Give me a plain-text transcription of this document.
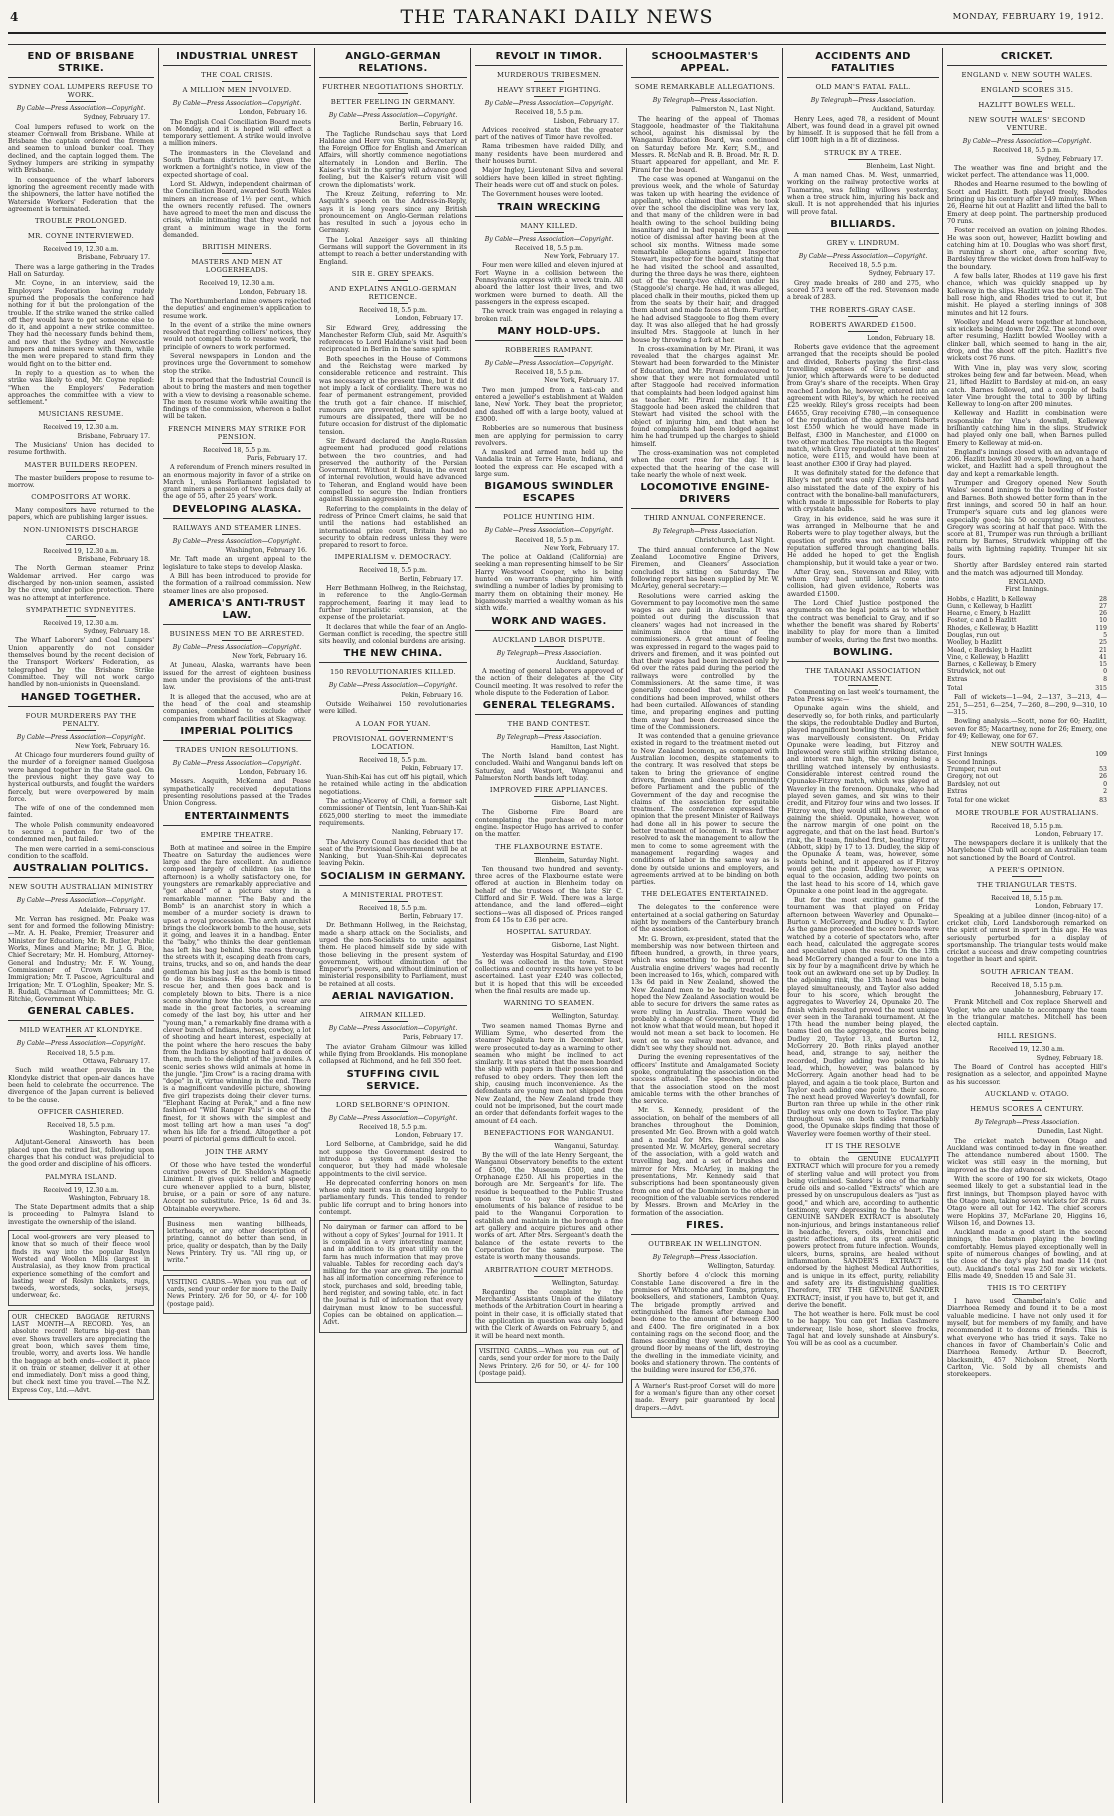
4	THE TARANAKI DAILY NEWS	MONDAY, FEBRUARY 19, 1912.
END OF BRISBANE STRIKE.
SYDNEY COAL LUMPERS REFUSE TO WORK.
By Cable—Press Association—Copyright.
Sydney, February 17.
Coal lumpers refused to work on the steamer Cornwall from Brisbane. While at Brisbane the captain ordered the firemen and seamen to unload bunker coal. They declined, and the captain logged them. The Sydney lumpers are striking in sympathy with Brisbane.
In consequence of the wharf laborers ignoring the agreement recently made with the shipowners, the latter have notified the Waterside Workers' Federation that the agreement is terminated.
TROUBLE PROLONGED.
MR. COYNE INTERVIEWED.
Received 19, 12.30 a.m.
Brisbane, February 17.
There was a large gathering in the Trades Hall on Saturday.
Mr. Coyne, in an interview, said the Employers' Federation having rudely spurned the proposals the conference had nothing for it but the prolongation of the trouble. If the strike waned the strike called off they would have to get someone else to do it, and appoint a new strike committee. They had the necessary funds behind them, and now that the Sydney and Newcastle lumpers and miners were with them, while the men were prepared to stand firm they would fight on to the bitter end.
In reply to a question as to when the strike was likely to end, Mr. Coyne replied: "When the Employers' Federation approaches the committee with a view to settlement."
MUSICIANS RESUME.
Received 19, 12.30 a.m.
Brisbane, February 17.
The Musicians' Union has decided to resume forthwith.
MASTER BUILDERS REOPEN.
The master builders propose to resume to-morrow.
COMPOSITORS AT WORK.
Many compositors have returned to the papers, which are publishing larger issues.
NON-UNIONISTS DISCHARGE CARGO.
Received 19, 12.30 a.m.
Brisbane, February 18.
The North German steamer Prinz Waldemar arrived. Her cargo was discharged by non-union seamen, assisted by the crew, under police protection. There was no attempt at interference.
SYMPATHETIC SYDNEYITES.
Received 19, 12.30 a.m.
Sydney, February 18.
The Wharf Laborers' and Coal Lumpers' Union apparently do not consider themselves bound by the recent decision of the Transport Workers' Federation, as telegraphed by the Brisbane Strike Committee. They will not work cargo handled by non-unionists in Queensland.
HANGED TOGETHER.
FOUR MURDERERS PAY THE PENALTY.
By Cable—Press Association—Copyright.
New York, February 16.
At Chicago four murderers found guilty of the murder of a foreigner named Guelgosa were hanged together in the State gaol. On the previous night they gave way to hysterical outbursts, and fought the warders fiercely, but were overpowered by main force.
The wife of one of the condemned men fainted.
The whole Polish community endeavored to secure a pardon for two of the condemned men, but failed.
The men were carried in a semi-conscious condition to the scaffold.
AUSTRALIAN POLITICS.
NEW SOUTH AUSTRALIAN MINISTRY
By Cable—Press Association—Copyright.
Adelaide, February 17.
Mr. Verran has resigned. Mr. Peake was sent for and formed the following Ministry:—Mr. A. H. Peake, Premier, Treasurer and Minister for Education; Mr. R. Butler, Public Works, Mines and Marine; Mr. J. G. Bice, Chief Secretary; Mr. H. Homburg, Attorney-General and Industry; Mr. F. W. Young, Commissioner of Crown Lands and Immigration; Mr. T. Pascoe, Agricultural and Irrigation; Mr. T. O'Loghlin, Speaker; Mr. S. B. Rudall, Chairman of Committees; Mr. G. Ritchie, Government Whip.
GENERAL CABLES.
MILD WEATHER AT KLONDYKE.
By Cable—Press Association—Copyright.
Received 18, 5.5 p.m.
Ottawa, February 17.
Such mild weather prevails in the Klondyke district that open-air dances have been held to celebrate the occurrence. The divergence of the Japan current is believed to be the cause.
OFFICER CASHIERED.
Received 18, 5.5 p.m.
Washington, February 17.
Adjutant-General Ainsworth has been placed upon the retired list, following upon charges that his conduct was prejudicial to the good order and discipline of his officers.
PALMYRA ISLAND.
Received 19, 12.30 a.m.
Washington, February 18.
The State Department admits that a ship is proceeding to Palmyra Island to investigate the ownership of the island.
Local wool-growers are very pleased to know that so much of their fleece wool finds its way into the popular Roslyn Worsted and Woollen Mills (largest in Australasia), as they know from practical experience something of the comfort and lasting wear of Roslyn blankets, rugs, tweeds, worsteds, socks, jerseys, underwear, &c.
OUR CHECKED BAGGAGE RETURNS LAST MONTH—A RECORD. Yes, an absolute record! Returns big-gest than ever. Shows travellers are appreciating the great boon, which saves them time, trouble, worry, and averts loss. We handle the baggage at both ends—collect it, place it on train or steamer, deliver it at other end immediately. Don't miss a good thing, but check next time you travel.—The N.Z. Express Coy., Ltd.—Advt.
INDUSTRIAL UNREST
THE COAL CRISIS.
A MILLION MEN INVOLVED.
By Cable—Press Association—Copyright.
London, February 16.
The English Coal Conciliation Board meets on Monday, and it is hoped will effect a temporary settlement. A strike would involve a million miners.
The ironmasters in the Cleveland and South Durham districts have given the workmen a fortnight's notice, in view of the expected shortage of coal.
Lord St. Aldwyn, independent chairman of the Conciliation Board, awarded South Wales miners an increase of 1½ per cent., which the owners recently refused. The owners have agreed to meet the men and discuss the crisis, while intimating that they would not grant a minimum wage in the form demanded.
BRITISH MINERS.
MASTERS AND MEN AT LOGGERHEADS.
Received 19, 12.30 a.m.
London, February 18.
The Northumberland mine owners rejected the deputies' and enginemen's application to resume work.
In the event of a strike the mine owners resolved that regarding colliers' notices, they would not compel them to resume work, the principle of owners to work performed.
Several newspapers in London and the provinces urge the Government to somehow stop the strike.
It is reported that the Industrial Council is about to bring the masters and men together with a view to devising a reasonable scheme. The men to resume work while awaiting the findings of the commission, whereon a ballot will be taken.
FRENCH MINERS MAY STRIKE FOR PENSION.
Received 18, 5.5 p.m.
Paris, February 17.
A referendum of French miners resulted in an enormous majority in favor of a strike on March 1, unless Parliament legislated to grant miners a pension of two francs daily at the age of 55, after 25 years' work.
DEVELOPING ALASKA.
RAILWAYS AND STEAMER LINES.
By Cable—Press Association—Copyright.
Washington, February 16.
Mr. Taft made an urgent appeal to the legislature to take steps to develop Alaska.
A Bill has been introduced to provide for the formation of a railroad commission. New steamer lines are also proposed.
AMERICA'S ANTI-TRUST LAW.
BUSINESS MEN TO BE ARRESTED.
By Cable—Press Association—Copyright.
New York, February 16.
At Juneau, Alaska, warrants have been issued for the arrest of eighteen business men under the provisions of the anti-trust law.
It is alleged that the accused, who are at the head of the coal and steamship companies, combined to exclude other companies from wharf facilities at Skagway.
IMPERIAL POLITICS
TRADES UNION RESOLUTIONS.
By Cable—Press Association—Copyright.
London, February 16.
Messrs. Asquith, McKenna and Pease sympathetically received deputations presenting resolutions passed at the Trades Union Congress.
ENTERTAINMENTS
EMPIRE THEATRE.
Both at matinee and soiree in the Empire Theatre on Saturday the audiences were large and the fare excellent. An audience composed largely of children (as in the afternoon) is a wholly satisfactory one, for youngsters are remarkably appreciative and "get ahead" of a picture story in a remarkable manner. "The Baby and the Bomb" is an anarchist story in which a member of a murder society is drawn to upset a royal procession. The arch anarchist brings the clockwork bomb to the house, sets it going, and leaves it in a handbag. Enter the "baby," who thinks the dear gentleman has left his bag behind. She races through the streets with it, escaping death from cars, trains, trucks, and so on, and hands the dear gentleman his bag just as the bomb is timed to do its business. He has a moment to rescue her, and then goes back and is completely blown to bits. There is a nice scene showing how the boots you wear are made in the great factories, a screaming comedy of the last boy, his utter and her "young man," a remarkably fine drama with a clever bunch of Indians, horses, cowboy, a lot of shooting and heart interest, especially at the point where the hero rescues the baby from the Indians by shooting half a dozen of them, much to the delight of the juveniles. A scenic series shows wild animals at home in the jungle. "Jim Crow" is a racing drama with "dope" in it, virtue winning in the end. There is a magnificent vandeville picture, showing five girl trapezists doing their clever turns. "Elephant Racing at Perak," and a fine new fashion-ed "Wild Ranger Pals" is one of the finest, for it shows with the simplest and most telling art how a man uses "a dog" when his life for a friend. Altogether a pot pourri of pictorial gems difficult to excel.
JOIN THE ARMY
Of those who have tested the wonderful curative powers of Dr. Sheldon's Magnetic Liniment. It gives quick relief and speedy cure whenever applied to a burn, blister, bruise, or a pain or sore of any nature. Accept no substitute. Price, 1s 6d and 3s. Obtainable everywhere.
Business men wanting billheads, letterheads, or any other description of printing, cannot do better than send, in price, quality or despatch, than by the Daily News Printery. Try us. "All ring up, or write."
VISITING CARDS.—When you run out of cards, send your order for more to the Daily News Printery. 2/6 for 50, or 4/- for 100 (postage paid).
ANGLO-GERMAN RELATIONS.
FURTHER NEGOTIATIONS SHORTLY.
BETTER FEELING IN GERMANY.
By Cable—Press Association—Copyright.
Berlin, February 16.
The Tagliche Rundschau says that Lord Haldane and Herr von Stumm, Secretary at the Foreign Office for English and American Affairs, will shortly commence negotiations alternately in London and Berlin. The Kaiser's visit in the spring will advance good feeling, but the Kaiser's return visit will crown the diplomatists' work.
The Kreuz Zeitung, referring to Mr. Asquith's speech on the Address-in-Reply, says it is long years since any British pronouncement on Anglo-German relations has resulted in such a joyous echo in Germany.
The Lokal Anzeiger says all thinking Germans will support the Government in its attempt to reach a better understanding with England.
SIR E. GREY SPEAKS.
AND EXPLAINS ANGLO-GERMAN RETICENCE.
Received 18, 5.5 p.m.
London, February 17.
Sir Edward Grey, addressing the Manchester Reform Club, said Mr. Asquith's references to Lord Haldane's visit had been reciprocated in Berlin in the same spirit.
Both speeches in the House of Commons and the Reichstag were marked by considerable reticence and restraint. This was necessary at the present time, but it did not imply a lack of cordiality. There was no fear of permanent estrangement, provided the truth got a fair chance. If mischief, rumours are prevented, and unfounded rumours are dissipated, there will be no future occasion for distrust of the diplomatic tension.
Sir Edward declared the Anglo-Russian agreement had produced good relations between the two countries, and had preserved the authority of the Persian Government. Without it Russia, in the event of internal revolution, would have advanced to Teheran, and England would have been compelled to secure the Indian frontiers against Russian aggression.
Referring to the complaints in the delay of redress of Prince Cmert claims, he said that until the nations had established an international prize court, Britain had no security to obtain redress unless they were prepared to resort to force.
IMPERIALISM v. DEMOCRACY.
Received 18, 5.5 p.m.
Berlin, February 17.
Herr Bethmann Hollweg, in the Reichstag, in reference to the Anglo-German rapprochement, fearing it may lead to further imperialistic expansion, at the expense of the proletariat.
It declares that while the fear of an Anglo-German conflict is receding, the spectre still sits heavily, and colonial burdens are arising.
THE NEW CHINA.
150 REVOLUTIONARIES KILLED.
By Cable—Press Association—Copyright.
Pekin, February 16.
Outside Weihaiwei 150 revolutionaries were killed.
A LOAN FOR YUAN.
PROVISIONAL GOVERNMENT'S LOCATION.
Received 18, 5.5 p.m.
Pekin, February 17.
Yuan-Shih-Kai has cut off his pigtail, which he retained while acting in the abdication negotiations.
The acting-Viceroy of Chili, a former salt commissioner of Tientsin, lent Yuan-Shih-Kai £625,000 sterling to meet the immediate requirements.
Nanking, February 17.
The Advisory Council has decided that the seat of the Provisional Government will be at Nanking, but Yuan-Shih-Kai deprecates leaving Pekin.
SOCIALISM IN GERMANY.
A MINISTERIAL PROTEST.
Received 18, 5.5 p.m.
Berlin, February 17.
Dr. Bethmann Hollweg, in the Reichstag, made a sharp attack on the Socialists, and urged the non-Socialists to unite against them. He placed himself side by side with those believing in the present system of government, without diminution of the Emperor's powers, and without diminution of ministerial responsibility to Parliament, must be retained at all costs.
AERIAL NAVIGATION.
AIRMAN KILLED.
By Cable—Press Association—Copyright.
Paris, February 17.
The aviator Graham Gilmour was killed while flying from Brooklands. His monoplane collapsed at Richmond, and he fell 350 feet.
STUFFING CIVIL SERVICE.
LORD SELBORNE'S OPINION.
By Cable—Press Association—Copyright.
Received 18, 5.5 p.m.
London, February 17.
Lord Selborne, at Cambridge, said he did not suppose the Government desired to introduce a system of spoils to the conqueror, but they had made wholesale appointments to the civil service.
He deprecated conferring honors on men whose only merit was in donating largely to parliamentary funds. This tended to render public life corrupt and to bring honors into contempt.
No dairyman or farmer can afford to be without a copy of Sykes' Journal for 1911. It is compiled in a very interesting manner, and in addition to its great utility on the farm has much information that may prove valuable. Tables for recording each day's milking for the year are given. The journal has all information concerning reference to stock, purchases and sold, breeding table, herd register, and sowing table, etc. in fact the Journal is full of information that every dairyman must know to be successful. Copies can be obtained on application.—Advt.
REVOLT IN TIMOR.
MURDEROUS TRIBESMEN.
HEAVY STREET FIGHTING.
By Cable—Press Association—Copyright.
Received 18, 5.5 p.m.
Lisbon, February 17.
Advices received state that the greater part of the natives of Timor have revolted.
Rama tribesmen have raided Dilly, and many residents have been murdered and their houses burnt.
Major Ingley, Lieutenant Silva and several soldiers have been killed in street fighting. Their heads were cut off and stuck on poles.
The Government houses were looted.
TRAIN WRECKING
MANY KILLED.
By Cable—Press Association—Copyright.
Received 18, 5.5 p.m.
New York, February 17.
Four men were killed and eleven injured at Fort Wayne in a collision between the Pennsylvania express with a wreck train. All aboard the latter lost their lives, and two workmen were burned to death. All the passengers in the express escaped.
The wreck train was engaged in relaying a broken rail.
MANY HOLD-UPS.
ROBBERIES RAMPANT.
By Cable—Press Association—Copyright.
Received 18, 5.5 p.m.
New York, February 17.
Two men jumped from a taxi-cab and entered a jeweller's establishment at Walden lane, New York. They beat the proprietor, and dashed off with a large booty, valued at £3000.
Robberies are so numerous that business men are applying for permission to carry revolvers.
A masked and armed man held up the Vandalia train at Terre Haute, Indiana, and looted the express car. He escaped with a large sum.
BIGAMOUS SWINDLER ESCAPES
POLICE HUNTING HIM.
By Cable—Press Association—Copyright.
Received 18, 5.5 p.m.
New York, February 17.
The police at Oakland (California) are seeking a man representing himself to be Sir Harry Westwood Cooper, who is being hunted on warrants charging him with swindling a number of ladies by promising to marry them on obtaining their money. He bigamously married a wealthy woman as his sixth wife.
WORK AND WAGES.
AUCKLAND LABOR DISPUTE.
By Telegraph—Press Association.
Auckland, Saturday.
A meeting of general laborers approved of the action of their delegates at the City Council meeting. It was resolved to refer the whole dispute to the Federation of Labor.
GENERAL TELEGRAMS.
THE BAND CONTEST.
By Telegraph—Press Association.
Hamilton, Last Night.
The North Island band contest has concluded. Waihi and Wanganui bands left on Saturday, and Westport, Wanganui and Palmerston North bands left today.
IMPROVED FIRE APPLIANCES.
Gisborne, Last Night.
The Gisborne Fire Board are contemplating the purchase of a motor engine. Inspector Hugo has arrived to confer on the matter.
THE FLAXBOURNE ESTATE.
Blenheim, Saturday Night.
Ten thousand two hundred and seventy-three acres of the Flaxbourne estate were offered at auction in Blenheim today on behalf of the trustees of the late Sir C. Clifford and Sir F. Weld. There was a large attendance, and the land offered—eight sections—was all disposed of. Prices ranged from £4 15s to £36 per acre.
HOSPITAL SATURDAY.
Gisborne, Last Night.
Yesterday was Hospital Saturday, and £190 5s 9d was collected in the town. Street collections and country results have yet to be ascertained. Last year £240 was collected, but it is hoped that this will be exceeded when the final results are made up.
WARNING TO SEAMEN.
Wellington, Saturday.
Two seamen named Thomas Byrne and William Syme, who deserted from the steamer Ngakuta here in December last, were prosecuted to-day as a warning to other seamen who might be inclined to act similarly. It was stated that the men boarded the ship with papers in their possession and refused to obey orders. They then left the ship, causing much inconvenience. As the defendants are young men not shipped from New Zealand, the New Zealand trade they could not be imprisoned, but the court made an order that defendants forfeit wages to the amount of £4 each.
BENEFACTIONS FOR WANGANUI.
Wanganui, Saturday.
By the will of the late Henry Sergeant, the Wanganui Observatory benefits to the extent of £500, the Museum £500, and the Orphanage £250. All his properties in the borough are Mr. Sergeant's for life. The residue is bequeathed to the Public Trustee upon trust to pay the interest and emoluments of his balance of residue to be paid to the Wanganui Corporation to establish and maintain in the borough a fine art gallery and acquire pictures and other works of art. After Mrs. Sergeant's death the balance of the estate reverts to the Corporation for the same purpose. The estate is worth many thousands.
ARBITRATION COURT METHODS.
Wellington, Saturday.
Regarding the complaint by the Merchants' Assistants Union of the dilatory methods of the Arbitration Court in hearing a point in their case, it is officially stated that the application in question was only lodged with the Clerk of Awards on February 5, and it will be heard next month.
VISITING CARDS.—When you run out of cards, send your order for more to the Daily News Printery. 2/6 for 50, or 4/- for 100 (postage paid).
SCHOOLMASTER'S APPEAL.
SOME REMARKABLE ALLEGATIONS.
By Telegraph—Press Association.
Palmerston N., Last Night.
The hearing of the appeal of Thomas Staggoole, headmaster of the Tiakitahuna school, against his dismissal by the Wanganui Education Board, was continued on Saturday before Mr. Kerr, S.M., and Messrs. R. McNab and R. B. Broad. Mr. R. D. Stuart appeared for appellant, and Mr. F. Pirani for the board.
The case was opened at Wanganui on the previous week, and the whole of Saturday was taken up with hearing the evidence of appellant, who claimed that when he took over the school the discipline was very lax, and that many of the children were in bad health owing to the school building being insanitary and in bad repair. He was given notice of dismissal after having been at the school six months. Witness made some remarkable allegations against Inspector Stewart, inspector for the board, stating that he had visited the school and assaulted, during the three days he was there, eighteen out of the twenty-two children under his (Staggoole's) charge. He had, it was alleged, placed chalk in their mouths, picked them up from the seats by their hair, and dragged them about and made faces at them. Further, he had advised Staggoole to flog them every day. It was also alleged that he had grossly insulted Mrs. Staggoole at lunch in her house by throwing a fork at her.
In cross-examination by Mr. Pirani, it was revealed that the charges against Mr. Stewart had been forwarded to the Minister of Education, and Mr. Pirani endeavoured to show that they were not formulated until after Staggoole had received information that complaints had been lodged against him as teacher. Mr. Pirani maintained that Staggoole had been asked the children that Stewart had visited the school with the object of injuring him, and that when he found complaints had been lodged against him he had trumped up the charges to shield himself.
The cross-examination was not completed when the court rose for the day. It is expected that the hearing of the case will take nearly the whole of next week.
LOCOMOTIVE ENGINE-DRIVERS
THIRD ANNUAL CONFERENCE.
By Telegraph—Press Association.
Christchurch, Last Night.
The third annual conference of the New Zealand Locomotive Engine Drivers, Firemen, and Cleaners' Association concluded its sitting on Saturday. The following report has been supplied by Mr. W. McArley, general secretary:—
Resolutions were carried asking the Government to pay locomotive men the same wages as are paid in Australia. It was pointed out during the discussion that cleaners' wages had not increased in the minimum since the time of the commissioners. A great amount of feeling was expressed in regard to the wages paid to drivers and firemen, and it was pointed out that their wages had been increased only by 6d over the rates paid during the period the railways were controlled by the Commissioners. At the same time, it was generally conceded that some of the conditions had been improved, whilst others had been curtailed. Allowances of standing time, and preparing engines and putting them away had been decreased since the time of the Commissioners.
It was contended that a genuine grievance existed in regard to the treatment meted out to New Zealand locomen, as compared with Australian locomen, despite statements to the contrary. It was resolved that steps be taken to bring the grievance of engine drivers, firemen and cleaners prominently before Parliament and the public of the Government of the day and recognise the claims of the association for equitable treatment. The conference expressed the opinion that the present Minister of Railways had done all in his power to secure the better treatment of locomen. It was further resolved to ask the management to allow the men to come to some agreement with the management regarding wages and conditions of labor in the same way as is done by outside unions and employers, and agreements arrived at to be binding on both parties.
THE DELEGATES ENTERTAINED.
The delegates to the conference were entertained at a social gathering on Saturday night by members of the Canterbury branch of the association.
Mr. G. Brown, ex-president, stated that the membership was now between thirteen and fifteen hundred, a growth, in three years, which was something to be proud of. In Australia engine drivers' wages had recently been increased to 16s, which, compared with 13s 6d paid in New Zealand, showed the New Zealand men to be badly treated. He hoped the New Zealand Association would be able to secure for drivers the same rates as were ruling in Australia. There would be probably a change of Government. They did not know what that would mean, but hoped it would not mean a set back to locomen. He went on to see railway men advance, and didn't see why they should not.
During the evening representatives of the officers' Institute and Amalgamated Society spoke, congratulating the association on the success attained. The speeches indicated that the association stood on the most amicable terms with the other branches of the service.
Mr. S. Kennedy, president of the association, on behalf of the members of all branches throughout the Dominion, presented Mr. Geo. Brown with a gold watch and a medal for Mrs. Brown, and also presented Mr. W. McArley, general secretary of the association, with a gold watch and travelling bag, and a set of brushes and mirror for Mrs. McArley, in making the presentations, Mr. Kennedy said that subscriptions had been spontaneously given from one end of the Dominion to the other in recognition of the valuable services rendered by Messrs. Brown and McArley in the formation of the association.
FIRES.
OUTBREAK IN WELLINGTON.
By Telegraph—Press Association.
Wellington, Saturday.
Shortly before 4 o'clock this morning Constable Lane discovered a fire in the premises of Whitcombe and Tombs, printers, booksellers, and stationers, Lambton Quay. The brigade promptly arrived and extinguished the flames after damage had been done to the amount of between £300 and £400. The fire originated in a box containing rags on the second floor, and the flames ascending they went down to the ground floor by means of the lift, destroying the dwelling in the immediate vicinity, and books and stationery thrown. The contents of the building were insured for £56,376.
A Warner's Rust-proof Corset will do more for a woman's figure than any other corset made. Every pair guaranteed by local drapers.—Advt.
ACCIDENTS AND FATALITIES
OLD MAN'S FATAL FALL.
By Telegraph—Press Association.
Auckland, Saturday.
Henry Lees, aged 78, a resident of Mount Albert, was found dead in a gravel pit owned by himself. It is supposed that he fell from a cliff 100ft high in a fit of dizziness.
STRUCK BY A TREE.
Blenheim, Last Night.
A man named Chas. M. West, unmarried, working on the railway protective works at Tuamarina, was felling willows yesterday, when a tree struck him, injuring his back and skull. It is not apprehended that his injuries will prove fatal.
BILLIARDS.
GREY v. LINDRUM.
By Cable—Press Association—Copyright.
Received 18, 5.5 p.m.
Sydney, February 17.
Grey made breaks of 280 and 275, who scored 573 were off the red. Stevenson made a break of 283.
THE ROBERTS-GRAY CASE.
ROBERTS AWARDED £1500.
London, February 18.
Roberts gave evidence that the agreement arranged that the receipts should be pooled and divided, Roberts paying the first-class travelling expenses of Gray's senior and junior, which afterwards were to be deducted from Gray's share of the receipts. When Gray reached London he, however, entered into an agreement with Riley's, by which he received £25 weekly. Riley's gross receipts had been £4655, Gray receiving £780,—in consequence of the repudiation of the agreement Roberts lost £550 which he would have made in Belfast, £300 in Manchester, and £1000 on two other matches. The receipts in the Regent match, which Gray repudiated at ten minutes' notice, were £115, and would have been at least another £300 if Gray had played.
It was definitely stated for the defence that Riley's net profit was only £300. Roberts had also misstated the date of the expiry of his contract with the bonaline-ball manufacturers, which made it impossible for Roberts to play with crystalate balls.
Gray, in his evidence, said he was sure it was arranged in Melbourne that he and Roberts were to play together always, but the question of profits was not mentioned. His reputation suffered through changing balls. He added he hoped to get the English championship, but it would take a year or two.
After Gray, sen., Stevenson and Riley, with whom Gray had until lately come into collision, had given evidence, Roberts was awarded £1500.
The Lord Chief Justice postponed the arguments on the legal points as to whether the contract was beneficial to Gray, and if so whether the benefit was shared by Roberts' inability to play for more than a limited number of weeks, during the first two months.
BOWLING.
THE TARANAKI ASSOCIATION TOURNAMENT.
Commenting on last week's tournament, the Patea Press says:—
Opunake again wins the shield, and deservedly so, for both rinks, and particularly the skips, the redoubtable Dudley and Burton, played magnificent bowling throughout, which was marvellously consistent. On Friday Opunake were leading, but Fitzroy and Inglewood were still within striking distance, and interest ran high, the evening being a thrilling watched intensely by enthusiasts. Considerable interest centred round the Opunake-Fitzroy match, which was played at Waverley in the forenoon. Opunake, who had played seven games, and six wins to their credit, and Fitzroy four wins and two losses. If Fitzroy won, they would still have a chance of gaining the shield. Opunake, however, won the narrow margin of one point on the aggregate, and that on the last head. Burton's rink, the B team, finished first, beating Fitzroy (Abbott, skip) by 17 to 13. Dudley, the skip of the Opunake A team, was, however, some points behind, and it appeared as if Fitzroy would get the point. Dudley, however, was equal to the occasion, adding two points on the last head to his score of 14, which gave Opunake a one point lead in the aggregate.
But for the most exciting game of the tournament was that played on Friday afternoon between Waverley and Opunake—Burton v. McGorrery, and Dudley v. D. Taylor. As the game proceeded the score boards were watched by a coterie of spectators who, after each head, calculated the aggregate scores and speculated upon the result. On the 13th head McGorrery changed a four to one into a six by four by a magnificent drive by which he took out an awkward one set up by Dudley. In the adjoining rink, the 13th head was being played simultaneously, and Taylor also added four to his score, which brought the aggregates to Waverley 24, Opunake 20. The finish which resulted proved the most unique ever seen in the Taranaki tournament. At the 17th head the number being played, the teams tied on the aggregate, the scores being Dudley 20, Taylor 13, and Burton 12, McGorrery 20. Both rinks played another head, and, strange to say, neither the recorded, Dudley adding two points to his lead, which, however, was balanced by McGorrery. Again another head had to be played, and again a tie took place, Burton and Taylor each adding one point to their score. The next head proved Waverley's downfall, for Burton ran three up while in the other rink Dudley was only one down to Taylor. The play throughout was on both sides remarkably good, the Opunake skips finding that those of Waverley were foemen worthy of their steel.
IT IS THE RESOLVE
to obtain the GENUINE EUCALYPTI EXTRACT which will procure for you a remedy of sterling value and will protect you from being victimised. Sanders' is one of the many crude oils and so-called "Extracts" which are pressed by on unscrupulous dealers as "just as good," and which are, according to authentic testimony, very depressing to the heart. The GENUINE SANDER EXTRACT is absolutely non-injurious, and brings instantaneous relief in headache, fevers, colds, bronchial and gastric affections, and its great antiseptic powers protect from future infection. Wounds, ulcers, burns, sprains, are healed without inflammation. SANDER'S EXTRACT is endorsed by the highest Medical Authorities, and is unique in its effect, purity, reliability and safety are its distinguishing qualities. Therefore, TRY THE GENUINE SANDER EXTRACT; insist, if you have to, but get it, and derive the benefit.
The hot weather is here. Folk must be cool to be happy. You can get Indian Cashmere underwear, lisle hose, short sleeve frocks, Tagal hat and lovely sunshade at Ainsbury's. You will be as cool as a cucumber.
CRICKET.
ENGLAND v. NEW SOUTH WALES.
ENGLAND SCORES 315.
HAZLITT BOWLES WELL.
NEW SOUTH WALES' SECOND VENTURE.
By Cable—Press Association—Copyright.
Received 18, 5.5 p.m.
Sydney, February 17.
The weather was fine and bright and the wicket perfect. The attendance was 11,000.
Rhodes and Hearne resumed to the bowling of Scott and Hazlitt. Both played freely, Rhodes bringing up his century after 149 minutes. When 26, Hearne hit out at Hazlitt and lifted the ball to Emery at deep point. The partnership produced 70 runs.
Foster received an ovation on joining Rhodes. He was soon out, however, Hazlitt bowling and catching him at 10. Douglas who was short first, in running a short one, after scoring five, Bardsley threw the wicket down from half-way to the boundary.
A few balls later, Rhodes at 119 gave his first chance, which was quickly snapped up by Kelleway in the slips. Hazlitt was the bowler. The ball rose high, and Rhodes tried to cut it, but mishit. He played a sterling innings of 308 minutes and hit 12 fours.
Woolley and Mead were together at luncheon, six wickets being down for 262. The second over after resuming, Hazlitt bowled Woolley with a clinker ball, which seemed to hang in the air, drop, and the shoot off the pitch. Hazlitt's five wickets cost 76 runs.
With Vine in, play was very slow, scoring strokes being few and far between. Mead, when 21, lifted Hazlitt to Bardsley at mid-on, an easy catch. Barnes followed, and a couple of balls later Vine brought the total to 300 by lifting Kelleway to long-on after 200 minutes.
Kelleway and Hazlitt in combination were responsible for Vine's downfall, Kelleway brilliantly catching him in the slips. Strudwick had played only one ball, when Barnes pulled Emery to Kelleway at mid-on.
England's innings closed with an advantage of 206. Hazlitt bowled 30 overs, bowling, on a hard wicket, and Hazlitt had a spell throughout the day and kept a remarkable length.
Trumper and Gregory opened New South Wales' second innings to the bowling of Foster and Barnes. Both showed better form than in the first innings, and scored 50 in half an hour. Trumper's square cuts and leg glances were especially good; his 50 occupying 45 minutes. Gregory was scoring at half that pace. With the score at 81, Trumper was run through a brilliant return by Barnes, Strudwick whipping off the bails with lightning rapidity. Trumper hit six fours.
Shortly after Bardsley entered rain started and the match was adjourned till Monday.
ENGLAND.
First Innings.
Hobbs, c Hazlitt, b Kelleway	28
Gunn, c Kelleway, b Hazlitt	27
Hearne, c Emery, b Hazlitt	26
Foster, c and b Hazlitt	10
Rhodes, c Kelleway, b Hazlitt	119
Douglas, run out	5
Woolley, b Hazlitt	25
Mead, c Bardsley, b Hazlitt	21
Vine, c Kelleway, b Hazlitt	41
Barnes, c Kelleway, b Emery	15
Strudwick, not out	0
Extras	8
Total	315
Fall of wickets—1—94, 2—137, 3—213, 4—251, 5—251, 6—254, 7—260, 8—290, 9—310, 10—315.
Bowling analysis.—Scott, none for 60; Hazlitt, seven for 85; Macartney, none for 26; Emery, one for 49; Kelleway, one for 67.
NEW SOUTH WALES.
First Innings	109
Second Innings.
Trumper, run out	53
Gregory, not out	26
Bardsley, not out	0
Extras	2
Total for one wicket	83
MORE TROUBLE FOR AUSTRALIANS.
Received 18, 5.15 p.m.
London, February 17.
The newspapers declare it is unlikely that the Marylebone Club will accept an Australian team not sanctioned by the Board of Control.
A PEER'S OPINION.
THE TRIANGULAR TESTS.
Received 18, 5.15 p.m.
London, February 17.
Speaking at a jubilee dinner (incog-nito) of a cricket club, Lord Landsborough remarked on the spirit of unrest in sport in this age. He was seriously perturbed for a display of sportsmanship. The triangular tests would make cricket a success and draw competing countries together in heart and spirit.
SOUTH AFRICAN TEAM.
Received 18, 5.15 p.m.
Johannesburg, February 17.
Frank Mitchell and Cox replace Sherwell and Vogler, who are unable to accompany the team in the triangular matches. Mitchell has been elected captain.
HILL RESIGNS.
Received 19, 12.30 a.m.
Sydney, February 18.
The Board of Control has accepted Hill's resignation as a selector, and appointed Mayne as his successor.
AUCKLAND v. OTAGO.
HEMUS SCORES A CENTURY.
By Telegraph—Press Association.
Dunedin, Last Night.
The cricket match between Otago and Auckland was continued to-day in fine weather. The attendance numbered about 1500. The wicket was still easy in the morning, but improved as the day advanced.
With the score of 190 for six wickets, Otago seemed likely to get a substantial lead in the first innings, but Thompson played havoc with the Otago men, taking seven wickets for 28 runs. Otago were all out for 142. The chief scorers were Hopkins 37, McFarlane 20, Higgins 16, Wilson 16, and Downes 13.
Auckland made a good start in the second innings, the batsmen playing the bowling comfortably. Hemus played exceptionally well in spite of numerous changes of bowling, and at the close of the day's play had made 114 (not out). Auckland's total was 250 for six wickets. Ellis made 49, Snedden 15 and Sale 31.
THIS IS TO CERTIFY
I have used Chamberlain's Colic and Diarrhoea Remedy and found it to be a most valuable medicine. I have not only used it for myself, but for members of my family, and have recommended it to dozens of friends. This is what everyone who has tried it says. Take no chances in favor of Chamberlain's Colic and Diarrhoea Remedy. Arthur D. Beecroft, blacksmith, 457 Nicholson Street, North Carlton, Vic. Sold by all chemists and storekeepers.
